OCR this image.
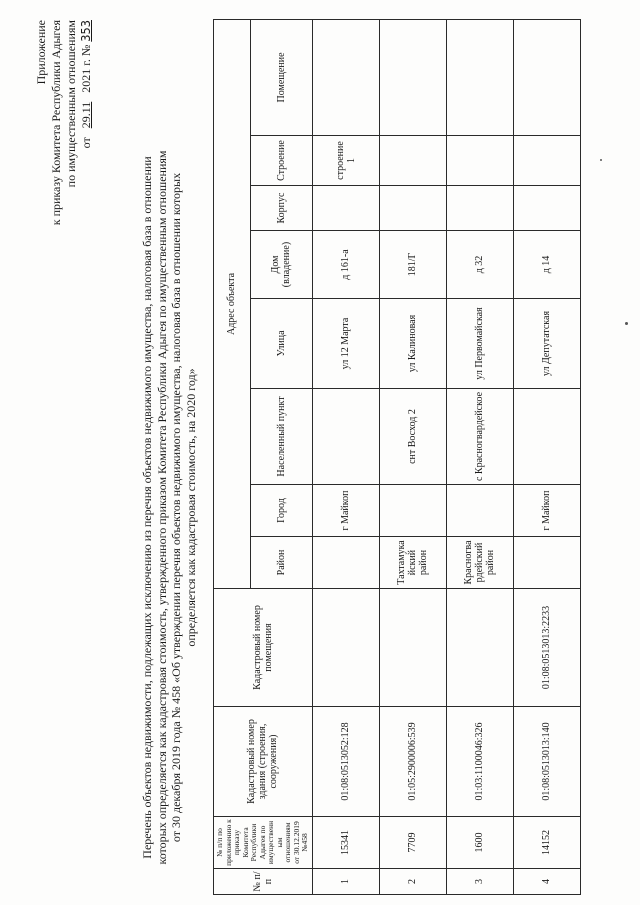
Приложение к приказу Комитета Республики Адыгея по имущественным отношениям от 29.11 2021 г. № 353
Перечень объектов недвижимости, подлежащих исключению из перечня объектов недвижимого имущества, налоговая база в отношении которых определяется как кадастровая стоимость, утвержденного приказом Комитета Республики Адыгея по имущественным отношениям от 30 декабря 2019 года № 458 «Об утверждении перечня объектов недвижимого имущества, налоговая база в отношении которых определяется как кадастровая стоимость, на 2020 год»
№ п/п	№ п/п по приложению к приказу Комитета Республики Адыгея по имущественным отношениям от 30.12.2019 №458	Кадастровый номер здания (строения, сооружения)	Кадастровый номер помещения	Адрес объекта							
				Район	Город	Населенный пункт	Улица	Дом (владение)	Корпус	Строение	Помещение
1	15341	01:08:0513052:128			г Майкоп		ул 12 Марта	д 161-а		строение 1	
2	7709	01:05:2900006:539		Тахтамукайский район		снт Восход 2	ул Калиновая	181/Г			
3	1600	01:03:1100046:326		Красногвардейский район		с Красногвардейское	ул Первомайская	д 32			
4	14152	01:08:0513013:140	01:08:0513013:2233		г Майкоп		ул Депутатская	д 14			
